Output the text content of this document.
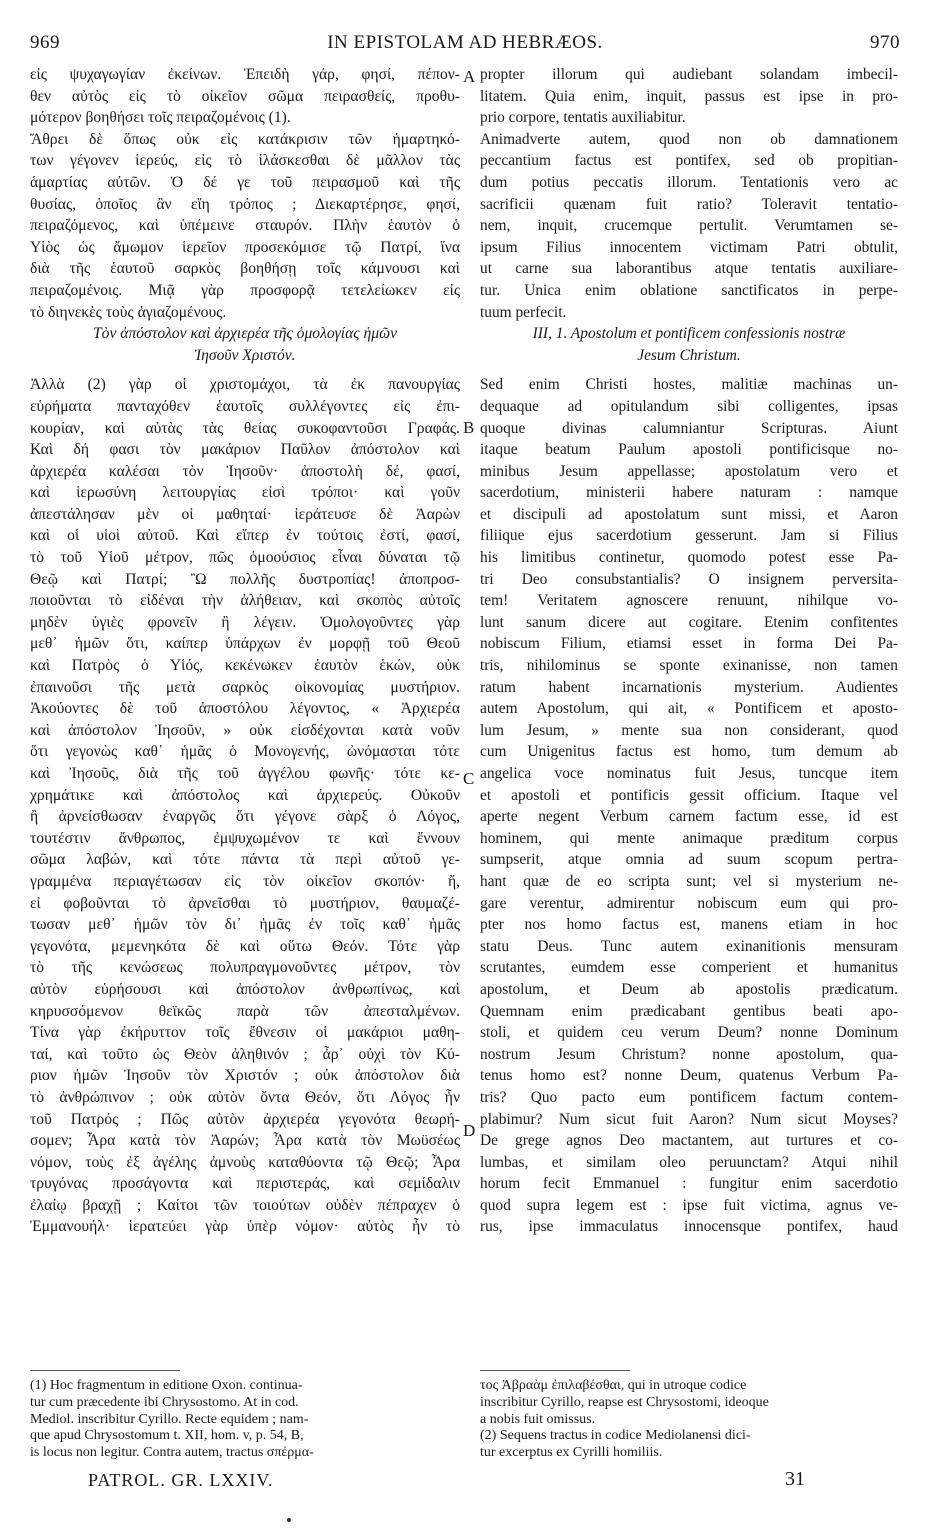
969	IN EPISTOLAM AD HEBRÆOS.	970
εἰς ψυχαγωγίαν ἐκείνων. Ἐπειδὴ γάρ, φησί, πέπον-
θεν αὐτὸς εἰς τὸ οἰκεῖον σῶμα πειρασθείς, προθυ-
μότερον βοηθήσει τοῖς πειραζομένοις (1).
Ἄθρει δὲ ὅπως οὐκ εἰς κατάκρισιν τῶν ἡμαρτηκό-
των γέγονεν ἱερεύς, εἰς τὸ ἱλάσκεσθαι δὲ μᾶλλον τὰς
ἁμαρτίας αὐτῶν. Ὁ δέ γε τοῦ πειρασμοῦ καὶ τῆς
θυσίας, ὁποῖος ἂν εἴη τρόπος ; Διεκαρτέρησε, φησί,
πειραζόμενος, καὶ ὑπέμεινε σταυρόν. Πλὴν ἑαυτὸν ὁ
Υἱὸς ὡς ἄμωμον ἱερεῖον προσεκόμισε τῷ Πατρί, ἵνα
διὰ τῆς ἑαυτοῦ σαρκὸς βοηθήσῃ τοῖς κάμνουσι καὶ
πειραζομένοις. Μιᾷ γὰρ προσφορᾷ τετελείωκεν εἰς
τὸ διηνεκὲς τοὺς ἁγιαζομένους.
Τὸν ἀπόστολον καὶ ἀρχιερέα τῆς ὁμολογίας ἡμῶν
Ἰησοῦν Χριστόν.
Ἀλλὰ (2) γὰρ οἱ χριστομάχοι, τὰ ἐκ πανουργίας
εὑρήματα πανταχόθεν ἑαυτοῖς συλλέγοντες εἰς ἐπι-
κουρίαν, καὶ αὐτὰς τὰς θείας συκοφαντοῦσι Γραφάς.
Καὶ δή φασι τὸν μακάριον Παῦλον ἀπόστολον καὶ
ἀρχιερέα καλέσαι τὸν Ἰησοῦν· ἀποστολὴ δέ, φασί,
καὶ ἱερωσύνη λειτουργίας εἰσὶ τρόποι· καὶ γοῦν
ἀπεστάλησαν μὲν οἱ μαθηταί· ἱεράτευσε δὲ Ἀαρὼν
καὶ οἱ υἱοὶ αὐτοῦ. Καὶ εἴπερ ἐν τούτοις ἐστί, φασί,
τὸ τοῦ Υἱοῦ μέτρον, πῶς ὁμοούσιος εἶναι δύναται τῷ
Θεῷ καὶ Πατρί; Ὢ πολλῆς δυστροπίας! ἀποπροσ-
ποιοῦνται τὸ εἰδέναι τὴν ἀλήθειαν, καὶ σκοπὸς αὐτοῖς
μηδὲν ὑγιὲς φρονεῖν ἢ λέγειν. Ὁμολογοῦντες γὰρ
μεθ᾽ ἡμῶν ὅτι, καίπερ ὑπάρχων ἐν μορφῇ τοῦ Θεοῦ
καὶ Πατρὸς ὁ Υἱός, κεκένωκεν ἑαυτὸν ἑκών, οὐκ
ἐπαινοῦσι τῆς μετὰ σαρκὸς οἰκονομίας μυστήριον.
Ἀκούοντες δὲ τοῦ ἀποστόλου λέγοντος, « Ἀρχιερέα
καὶ ἀπόστολον Ἰησοῦν, » οὐκ εἰσδέχονται κατὰ νοῦν
ὅτι γεγονὼς καθ᾽ ἡμᾶς ὁ Μονογενής, ὠνόμασται τότε
καὶ Ἰησοῦς, διὰ τῆς τοῦ ἀγγέλου φωνῆς· τότε κε-
χρημάτικε καὶ ἀπόστολος καὶ ἀρχιερεύς. Οὐκοῦν
ἢ ἀρνείσθωσαν ἐναργῶς ὅτι γέγονε σὰρξ ὁ Λόγος,
τουτέστιν ἄνθρωπος, ἐμψυχωμένον τε καὶ ἔννουν
σῶμα λαβών, καὶ τότε πάντα τὰ περὶ αὐτοῦ γε-
γραμμένα περιαγέτωσαν εἰς τὸν οἰκεῖον σκοπόν· ἤ,
εἰ φοβοῦνται τὸ ἀρνεῖσθαι τὸ μυστήριον, θαυμαζέ-
τωσαν μεθ᾽ ἡμῶν τὸν δι᾽ ἡμᾶς ἐν τοῖς καθ᾽ ἡμᾶς
γεγονότα, μεμενηκότα δὲ καὶ οὕτω Θεόν. Τότε γὰρ
τὸ τῆς κενώσεως πολυπραγμονοῦντες μέτρον, τὸν
αὐτὸν εὑρήσουσι καὶ ἀπόστολον ἀνθρωπίνως, καὶ
κηρυσσόμενον θεϊκῶς παρὰ τῶν ἀπεσταλμένων.
Τίνα γὰρ ἐκήρυττον τοῖς ἔθνεσιν οἱ μακάριοι μαθη-
ταί, καὶ τοῦτο ὡς Θεὸν ἀληθινόν ; ἆρ᾽ οὐχὶ τὸν Κύ-
ριον ἡμῶν Ἰησοῦν τὸν Χριστόν ; οὐκ ἀπόστολον διὰ
τὸ ἀνθρώπινον ; οὐκ αὐτὸν ὄντα Θεόν, ὅτι Λόγος ἦν
τοῦ Πατρός ; Πῶς αὐτὸν ἀρχιερέα γεγονότα θεωρή-
σομεν; Ἆρα κατὰ τὸν Ἀαρών; Ἆρα κατὰ τὸν Μωϋσέως
νόμον, τοὺς ἐξ ἀγέλης ἀμνοὺς καταθύοντα τῷ Θεῷ; Ἆρα
τρυγόνας προσάγοντα καὶ περιστεράς, καὶ σεμίδαλιν
ἐλαίῳ βραχῇ ; Καίτοι τῶν τοιούτων οὐδὲν πέπραχεν ὁ
Ἐμμανουήλ· ἱερατεύει γὰρ ὑπὲρ νόμον· αὐτὸς ἦν τὸ
propter illorum qui audiebant solandam imbecil-
litatem. Quia enim, inquit, passus est ipse in pro-
prio corpore, tentatis auxiliabitur.
Animadverte autem, quod non ob damnationem
peccantium factus est pontifex, sed ob propitian-
dum potius peccatis illorum. Tentationis vero ac
sacrificii quænam fuit ratio? Toleravit tentatio-
nem, inquit, crucemque pertulit. Verumtamen se-
ipsum Filius innocentem victimam Patri obtulit,
ut carne sua laborantibus atque tentatis auxiliare-
tur. Unica enim oblatione sanctificatos in perpe-
tuum perfecit.
III, 1. Apostolum et pontificem confessionis nostræ
Jesum Christum.
Sed enim Christi hostes, malitiæ machinas un-
dequaque ad opitulandum sibi colligentes, ipsas
quoque divinas calumniantur Scripturas. Aiunt
itaque beatum Paulum apostoli pontificisque no-
minibus Jesum appellasse; apostolatum vero et
sacerdotium, ministerii habere naturam : namque
et discipuli ad apostolatum sunt missi, et Aaron
filiique ejus sacerdotium gesserunt. Jam si Filius
his limitibus continetur, quomodo potest esse Pa-
tri Deo consubstantialis? O insignem perversita-
tem! Veritatem agnoscere renuunt, nihilque vo-
lunt sanum dicere aut cogitare. Etenim confitentes
nobiscum Filium, etiamsi esset in forma Dei Pa-
tris, nihilominus se sponte exinanisse, non tamen
ratum habent incarnationis mysterium. Audientes
autem Apostolum, qui ait, « Pontificem et aposto-
lum Jesum, » mente sua non considerant, quod
cum Unigenitus factus est homo, tum demum ab
angelica voce nominatus fuit Jesus, tuncque item
et apostoli et pontificis gessit officium. Itaque vel
aperte negent Verbum carnem factum esse, id est
hominem, qui mente animaque præditum corpus
sumpserit, atque omnia ad suum scopum pertra-
hant quæ de eo scripta sunt; vel si mysterium ne-
gare verentur, admirentur nobiscum eum qui pro-
pter nos homo factus est, manens etiam in hoc
statu Deus. Tunc autem exinanitionis mensuram
scrutantes, eumdem esse comperient et humanitus
apostolum, et Deum ab apostolis prædicatum.
Quemnam enim prædicabant gentibus beati apo-
stoli, et quidem ceu verum Deum? nonne Dominum
nostrum Jesum Christum? nonne apostolum, qua-
tenus homo est? nonne Deum, quatenus Verbum Pa-
tris? Quo pacto eum pontificem factum contem-
plabimur? Num sicut fuit Aaron? Num sicut Moyses?
De grege agnos Deo mactantem, aut turtures et co-
lumbas, et similam oleo peruunctam? Atqui nihil
horum fecit Emmanuel : fungitur enim sacerdotio
quod supra legem est : ipse fuit victima, agnus ve-
rus, ipse immaculatus innocensque pontifex, haud
A
B
C
D
(1) Hoc fragmentum in editione Oxon. continua-
tur cum præcedente ibi Chrysostomo. At in cod.
Mediol. inscribitur Cyrillo. Recte equidem ; nam-
que apud Chrysostomum t. XII, hom. v, p. 54, B,
is locus non legitur. Contra autem, tractus σπέρμα-
τος Ἀβραὰμ ἐπιλαβέσθαι, qui in utroque codice
inscribitur Cyrillo, reapse est Chrysostomi, ideoque
a nobis fuit omissus.
(2) Sequens tractus in codice Mediolanensi dici-
tur excerptus ex Cyrilli homiliis.
PATROL. GR. LXXIV.	31
